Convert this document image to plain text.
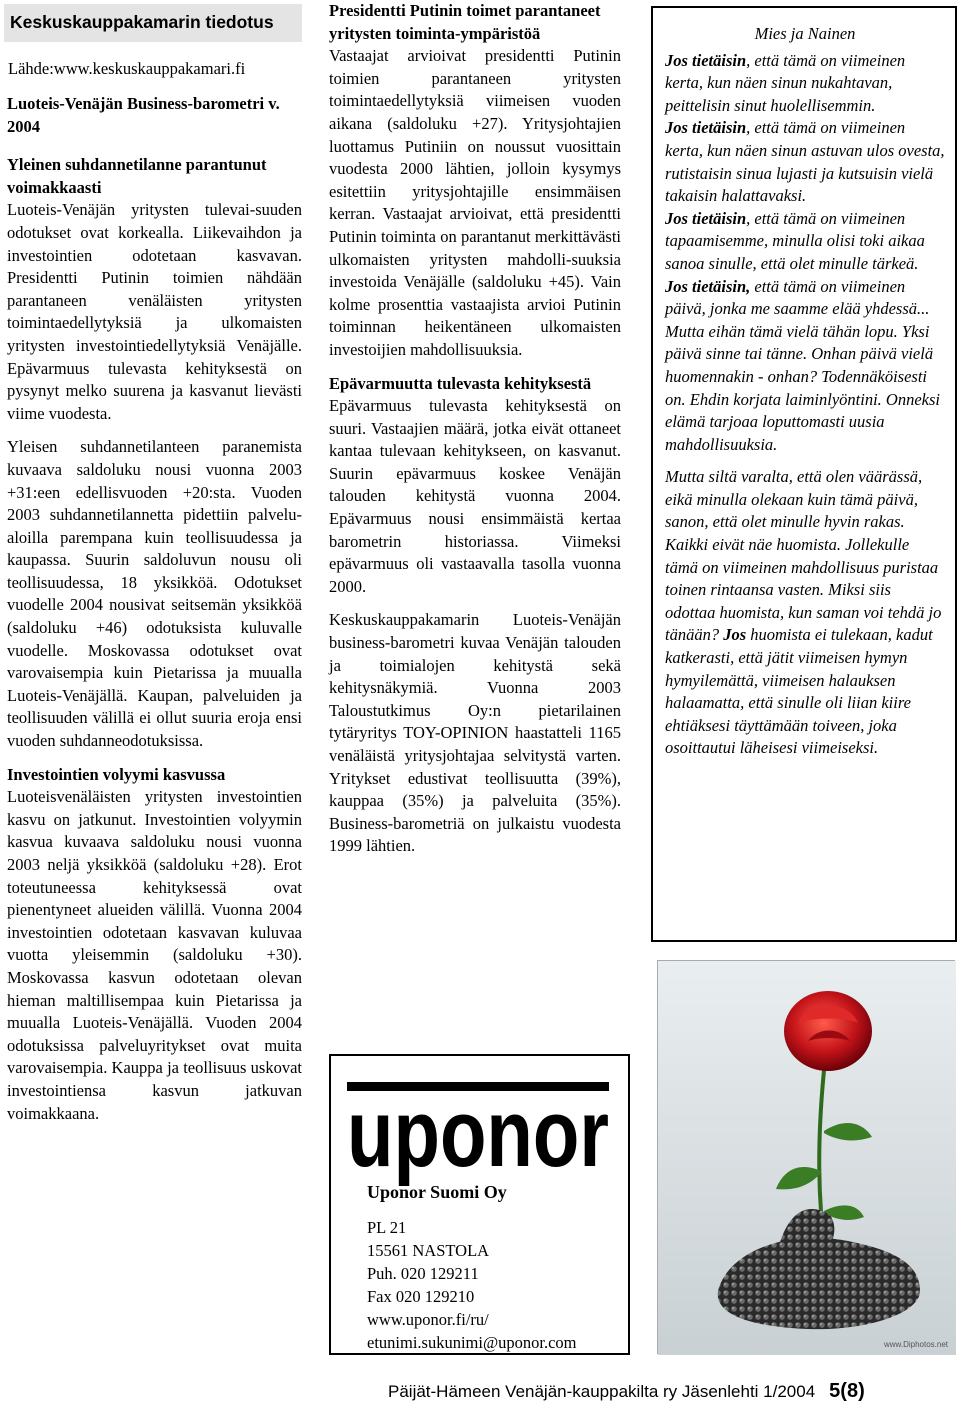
Keskuskauppakamarin tiedotus
Lähde:www.keskuskauppakamari.fi
Luoteis-Venäjän Business-barometri v. 2004
Yleinen suhdannetilanne parantunut voimakkaasti

Luoteis-Venäjän yritysten tulevai-suuden odotukset ovat korkealla. Liikevaihdon ja investointien odotetaan kasvavan. Presidentti Putinin toimien nähdään parantaneen venäläisten yritysten toimintaedellytyksiä ja ulkomaisten yritysten investointiedellytyksiä Venäjälle. Epävarmuus tulevasta kehityksestä on pysynyt melko suurena ja kasvanut lievästi viime vuodesta.

Yleisen suhdannetilanteen paranemista kuvaava saldoluku nousi vuonna 2003 +31:een edellisvuoden +20:sta. Vuoden 2003 suhdannetilannetta pidettiin palvelu-aloilla parempana kuin teollisuudessa ja kaupassa. Suurin saldoluvun nousu oli teollisuudessa, 18 yksikköä. Odotukset vuodelle 2004 nousivat seitsemän yksikköä (saldoluku +46) odotuksista kuluvalle vuodelle. Moskovassa odotukset ovat varovaisempia kuin Pietarissa ja muualla Luoteis-Venäjällä. Kaupan, palveluiden ja teollisuuden välillä ei ollut suuria eroja ensi vuoden suhdanneodotuksissa.

Investointien volyymi kasvussa

Luoteisvenäläisten yritysten investointien kasvu on jatkunut. Investointien volyymin kasvua kuvaava saldoluku nousi vuonna 2003 neljä yksikköä (saldoluku +28). Erot toteutuneessa kehityksessä ovat pienentyneet alueiden välillä. Vuonna 2004 investointien odotetaan kasvavan kuluvaa vuotta yleisemmin (saldoluku +30). Moskovassa kasvun odotetaan olevan hieman maltillisempaa kuin Pietarissa ja muualla Luoteis-Venäjällä. Vuoden 2004 odotuksissa palveluyritykset ovat muita varovaisempia. Kauppa ja teollisuus uskovat investointiensa kasvun jatkuvan voimakkaana.

Presidentti Putinin toimet parantaneet yritysten toiminta-ympäristöä

Vastaajat arvioivat presidentti Putinin toimien parantaneen yritysten toimintaedellytyksiä viimeisen vuoden aikana (saldoluku +27). Yritysjohtajien luottamus Putiniin on noussut vuosittain vuodesta 2000 lähtien, jolloin kysymys esitettiin yritysjohtajille ensimmäisen kerran. Vastaajat arvioivat, että presidentti Putinin toiminta on parantanut merkittävästi ulkomaisten yritysten mahdolli-suuksia investoida Venäjälle (saldoluku +45). Vain kolme prosenttia vastaajista arvioi Putinin toiminnan heikentäneen ulkomaisten investoijien mahdollisuuksia.

Epävarmuutta tulevasta kehityksestä

Epävarmuus tulevasta kehityksestä on suuri. Vastaajien määrä, jotka eivät ottaneet kantaa tulevaan kehitykseen, on kasvanut. Suurin epävarmuus koskee Venäjän talouden kehitystä vuonna 2004. Epävarmuus nousi ensimmäistä kertaa barometrin historiassa. Viimeksi epävarmuus oli vastaavalla tasolla vuonna 2000.

Keskuskauppakamarin Luoteis-Venäjän business-barometri kuvaa Venäjän talouden ja toimialojen kehitystä sekä kehitysnäkymiä. Vuonna 2003 Taloustutkimus Oy:n pietarilainen tytäryritys TOY-OPINION haastatteli 1165 venäläistä yritysjohtajaa selvitystä varten. Yritykset edustivat teollisuutta (39%), kauppaa (35%) ja palveluita (35%). Business-barometriä on julkaistu vuodesta 1999 lähtien.

uponor
Uponor Suomi Oy
PL 21
15561 NASTOLA
Puh. 020 129211
Fax 020 129210
www.uponor.fi/ru/
etunimi.sukunimi@uponor.com
Mies ja Nainen

Jos tietäisin, että tämä on viimeinen kerta, kun näen sinun nukahtavan, peittelisin sinut huolellisemmin.

Jos tietäisin, että tämä on viimeinen kerta, kun näen sinun astuvan ulos ovesta, rutistaisin sinua lujasti ja kutsuisin vielä takaisin halattavaksi.

Jos tietäisin, että tämä on viimeinen tapaamisemme, minulla olisi toki aikaa sanoa sinulle, että olet minulle tärkeä.

Jos tietäisin, että tämä on viimeinen päivä, jonka me saamme elää yhdessä... Mutta eihän tämä vielä tähän lopu. Yksi päivä sinne tai tänne. Onhan päivä vielä huomennakin - onhan? Todennäköisesti on. Ehdin korjata laiminlyöntini. Onneksi elämä tarjoaa loputtomasti uusia mahdollisuuksia.

Mutta siltä varalta, että olen väärässä, eikä minulla olekaan kuin tämä päivä, sanon, että olet minulle hyvin rakas. Kaikki eivät näe huomista. Jollekulle tämä on viimeinen mahdollisuus puristaa toinen rintaansa vasten. Miksi siis odottaa huomista, kun saman voi tehdä jo tänään? Jos huomista ei tulekaan, kadut katkerasti, että jätit viimeisen hymyn hymyilemättä, viimeisen halauksen halaamatta, että sinulle oli liian kiire ehtiäksesi täyttämään toiveen, joka osoittautui läheisesi viimeiseksi.

www.Diphotos.net
Päijät-Hämeen Venäjän-kauppakilta ry Jäsenlehti 1/2004 5(8)
